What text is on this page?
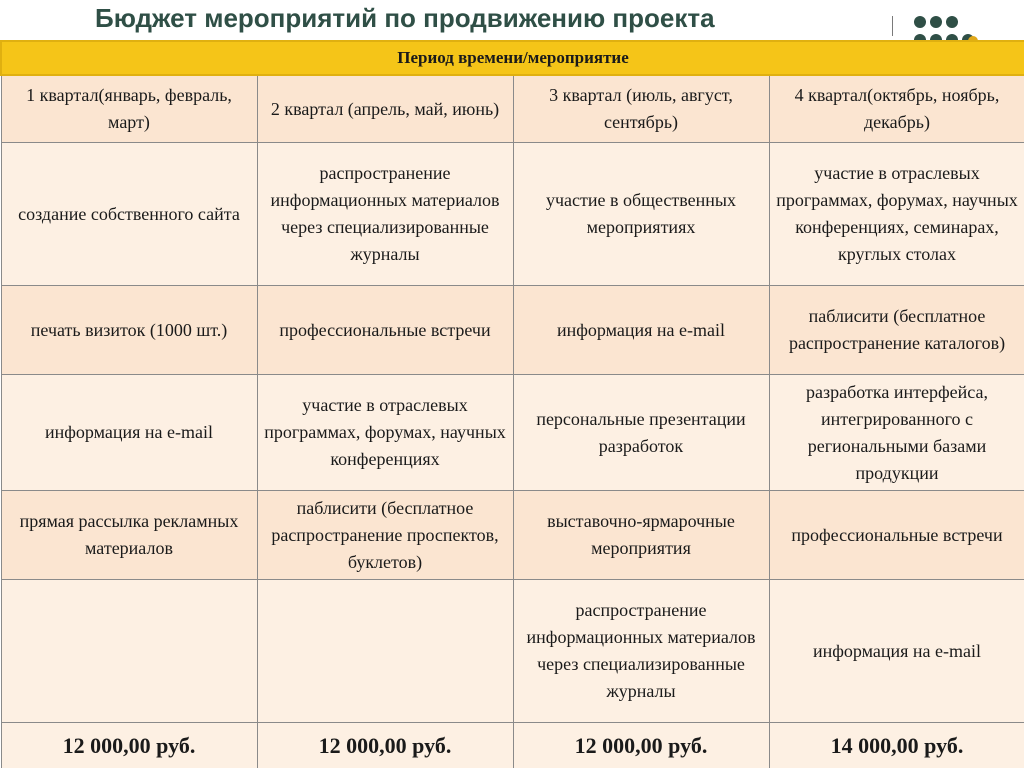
Бюджет мероприятий по продвижению проекта
Период времени/мероприятие			
1 квартал(январь, февраль, март)	2 квартал (апрель, май, июнь)	3 квартал (июль, август, сентябрь)	4 квартал(октябрь, ноябрь, декабрь)
создание собственного сайта	распространение информационных материалов через специализированные журналы	участие в общественных мероприятиях	участие в отраслевых программах, форумах, научных конференциях, семинарах, круглых столах
печать визиток (1000 шт.)	профессиональные встречи	информация на e-mail	паблисити (бесплатное распространение каталогов)
информация на e-mail	участие в отраслевых программах, форумах, научных конференциях	персональные презентации разработок	разработка интерфейса, интегрированного с региональными базами продукции
прямая рассылка рекламных материалов	паблисити (бесплатное распространение проспектов, буклетов)	выставочно-ярмарочные мероприятия	профессиональные встречи
		распространение информационных материалов через специализированные журналы	информация на e-mail
12 000,00 руб.	12 000,00 руб.	12 000,00 руб.	14 000,00 руб.
